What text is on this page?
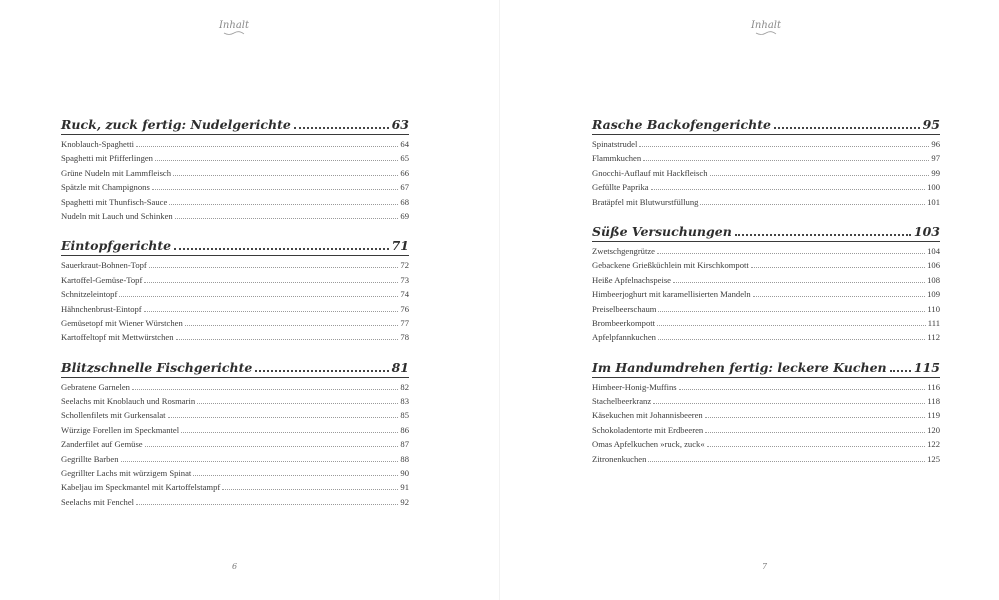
Inhalt
Ruck, zuck fertig: Nudelgerichte	63
Knoblauch-Spaghetti	64
Spaghetti mit Pfifferlingen	65
Grüne Nudeln mit Lammfleisch	66
Spätzle mit Champignons	67
Spaghetti mit Thunfisch-Sauce	68
Nudeln mit Lauch und Schinken	69
Eintopfgerichte	71
Sauerkraut-Bohnen-Topf	72
Kartoffel-Gemüse-Topf	73
Schnitzeleintopf	74
Hähnchenbrust-Eintopf	76
Gemüsetopf mit Wiener Würstchen	77
Kartoffeltopf mit Mettwürstchen	78
Blitzschnelle Fischgerichte	81
Gebratene Garnelen	82
Seelachs mit Knoblauch und Rosmarin	83
Schollenfilets mit Gurkensalat	85
Würzige Forellen im Speckmantel	86
Zanderfilet auf Gemüse	87
Gegrillte Barben	88
Gegrillter Lachs mit würzigem Spinat	90
Kabeljau im Speckmantel mit Kartoffelstampf	91
Seelachs mit Fenchel	92
6
Inhalt
Rasche Backofengerichte	95
Spinatstrudel	96
Flammkuchen	97
Gnocchi-Auflauf mit Hackfleisch	99
Gefüllte Paprika	100
Bratäpfel mit Blutwurstfüllung	101
Süße Versuchungen	103
Zwetschgengrütze	104
Gebackene Grießküchlein mit Kirschkompott	106
Heiße Apfelnachspeise	108
Himbeerjoghurt mit karamellisierten Mandeln	109
Preiselbeerschaum	110
Brombeerkompott	111
Apfelpfannkuchen	112
Im Handumdrehen fertig: leckere Kuchen 115
Himbeer-Honig-Muffins	116
Stachelbeerkranz	118
Käsekuchen mit Johannisbeeren	119
Schokoladentorte mit Erdbeeren	120
Omas Apfelkuchen »ruck, zuck«	122
Zitronenkuchen	125
7
